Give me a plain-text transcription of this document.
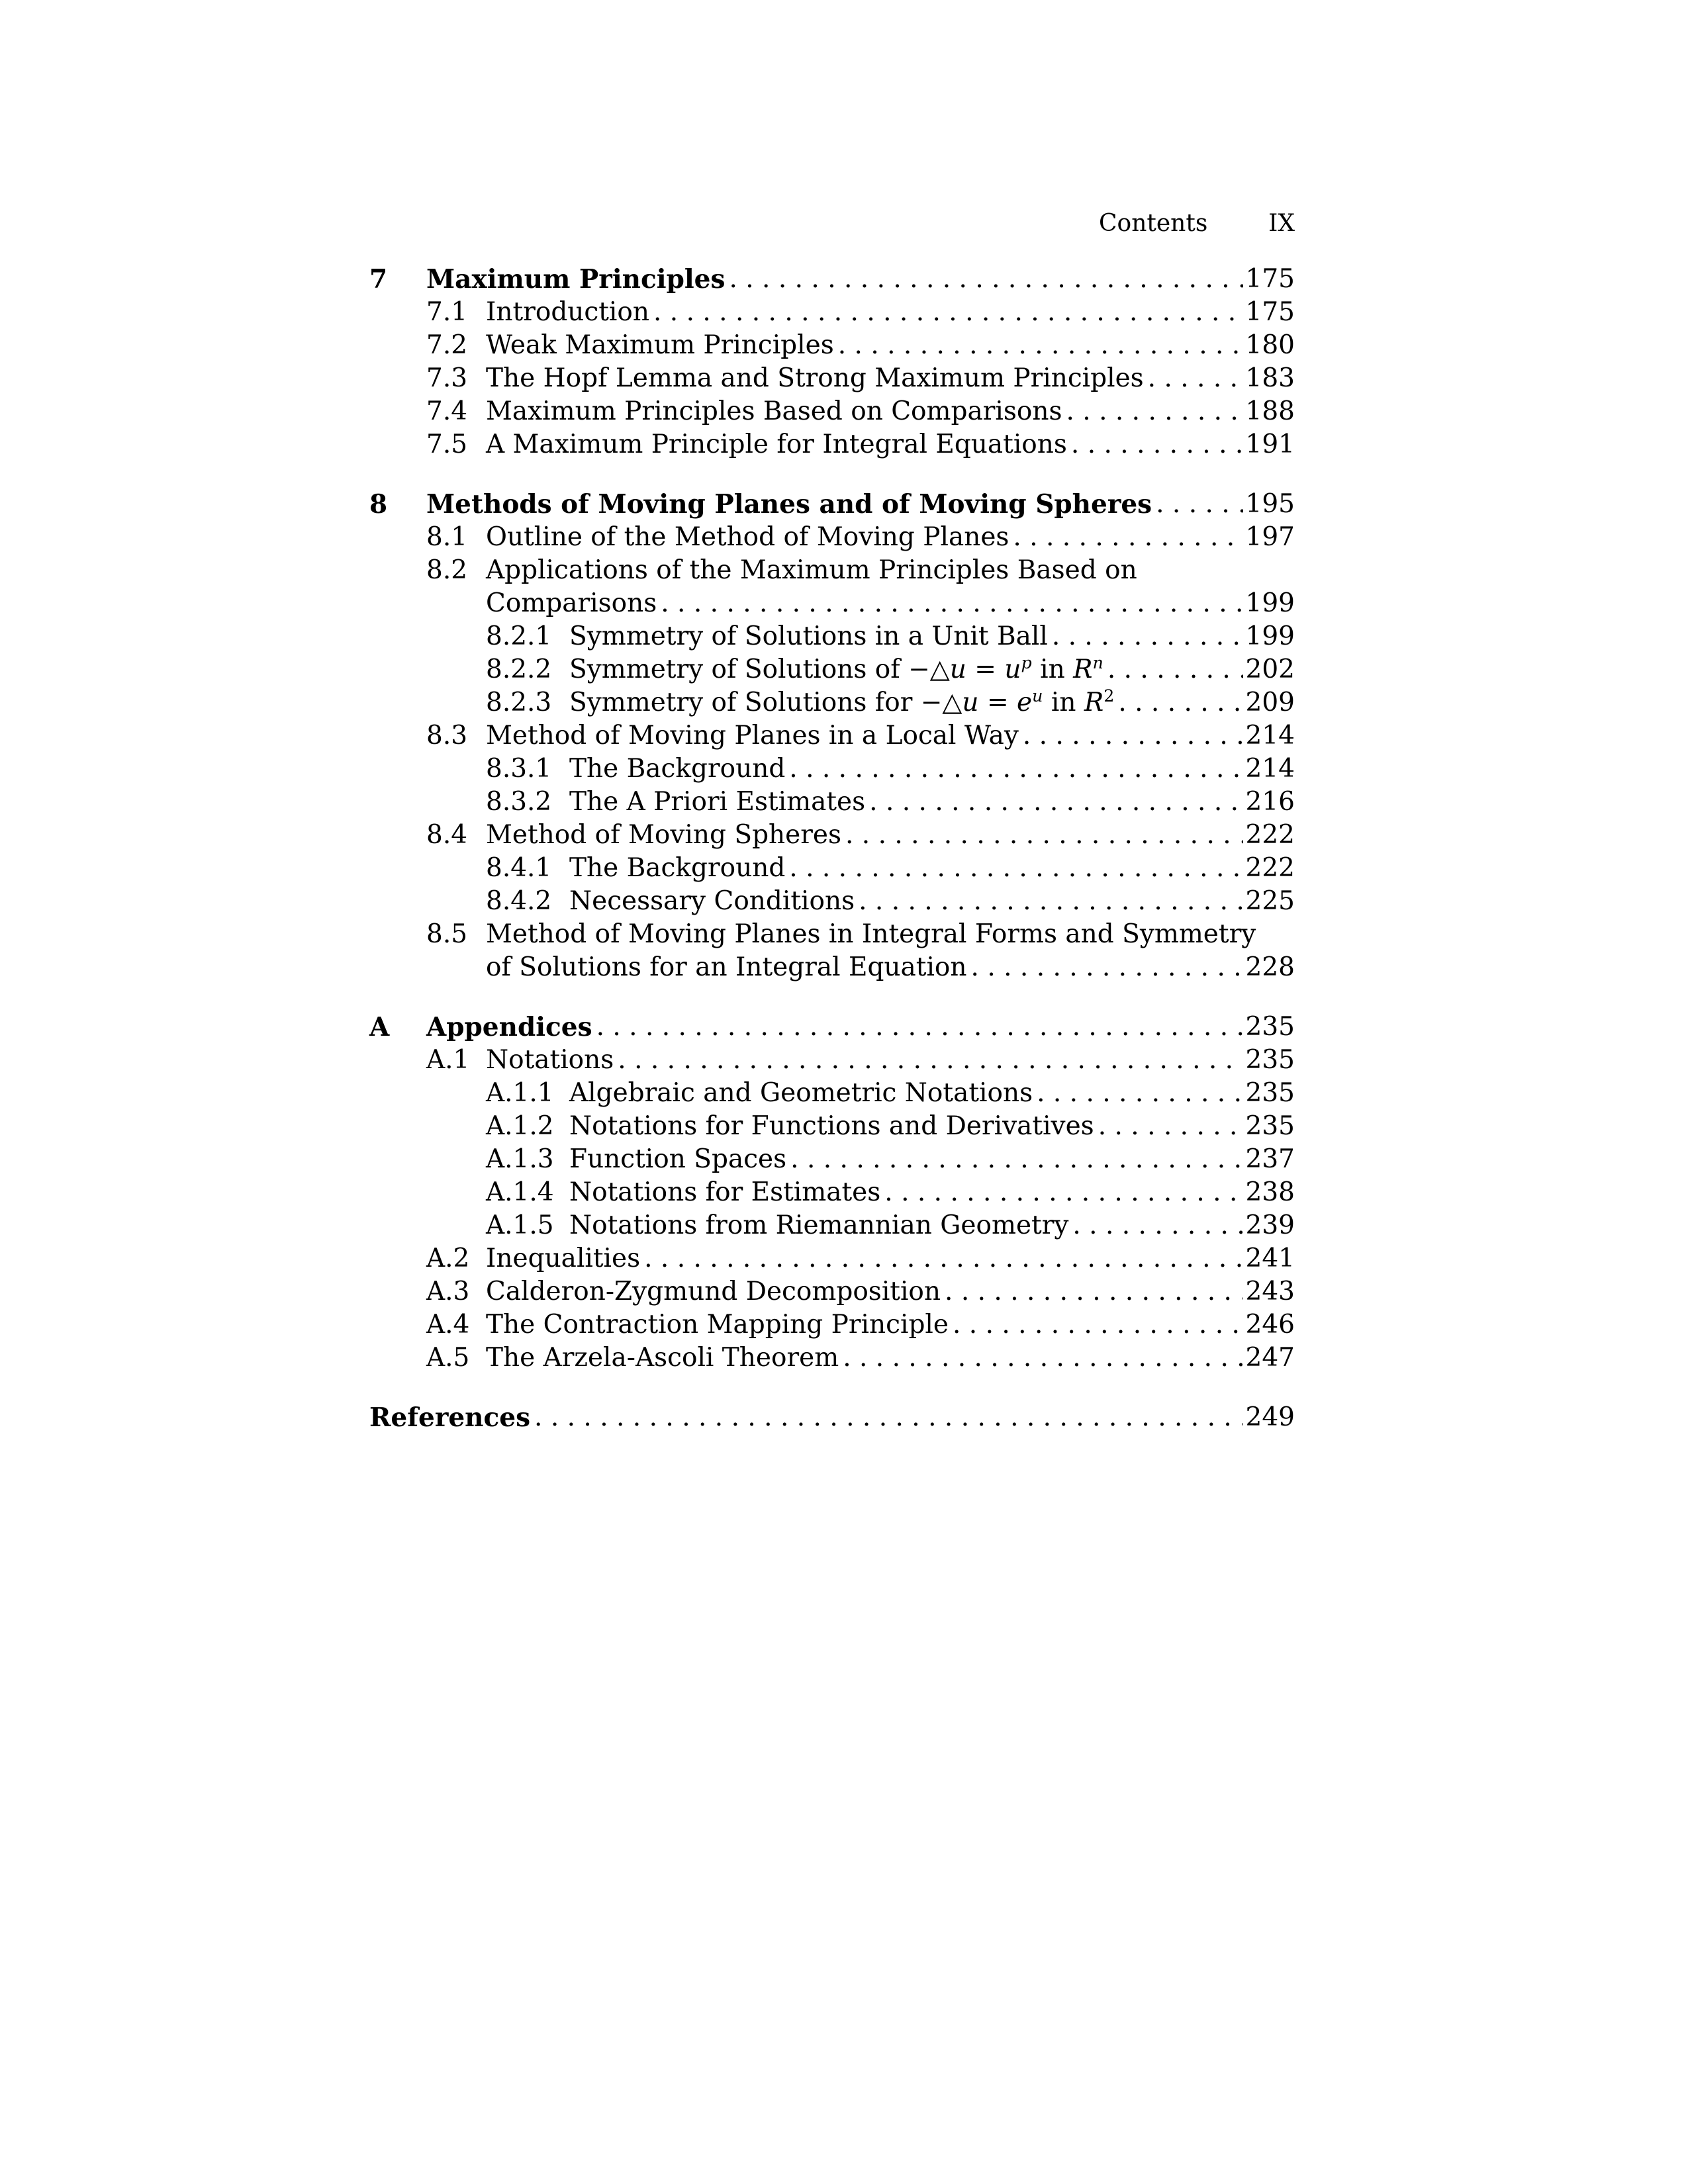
Contents	IX
7 Maximum Principles . . .	175
7.1 Introduction . . .	175
7.2 Weak Maximum Principles . . .	180
7.3 The Hopf Lemma and Strong Maximum Principles . . .	183
7.4 Maximum Principles Based on Comparisons . . .	188
7.5 A Maximum Principle for Integral Equations . . .	191
8 Methods of Moving Planes and of Moving Spheres . . .	195
8.1 Outline of the Method of Moving Planes . . .	197
8.2 Applications of the Maximum Principles Based on
Comparisons . . .	199
8.2.1 Symmetry of Solutions in a Unit Ball . . .	199
8.2.2 Symmetry of Solutions of −△u = $u^p$ in $R^n$ . . .	202
8.2.3 Symmetry of Solutions for −△u = $e^u$ in $R^2$ . . .	209
8.3 Method of Moving Planes in a Local Way . . .	214
8.3.1 The Background . . .	214
8.3.2 The A Priori Estimates . . .	216
8.4 Method of Moving Spheres . . .	222
8.4.1 The Background . . .	222
8.4.2 Necessary Conditions . . .	225
8.5 Method of Moving Planes in Integral Forms and Symmetry
of Solutions for an Integral Equation . . .	228
A Appendices . . .	235
A.1 Notations . . .	235
A.1.1 Algebraic and Geometric Notations . . .	235
A.1.2 Notations for Functions and Derivatives . . .	235
A.1.3 Function Spaces . . .	237
A.1.4 Notations for Estimates . . .	238
A.1.5 Notations from Riemannian Geometry . . .	239
A.2 Inequalities . . .	241
A.3 Calderon-Zygmund Decomposition . . .	243
A.4 The Contraction Mapping Principle . . .	246
A.5 The Arzela-Ascoli Theorem . . .	247
References . . .	249
